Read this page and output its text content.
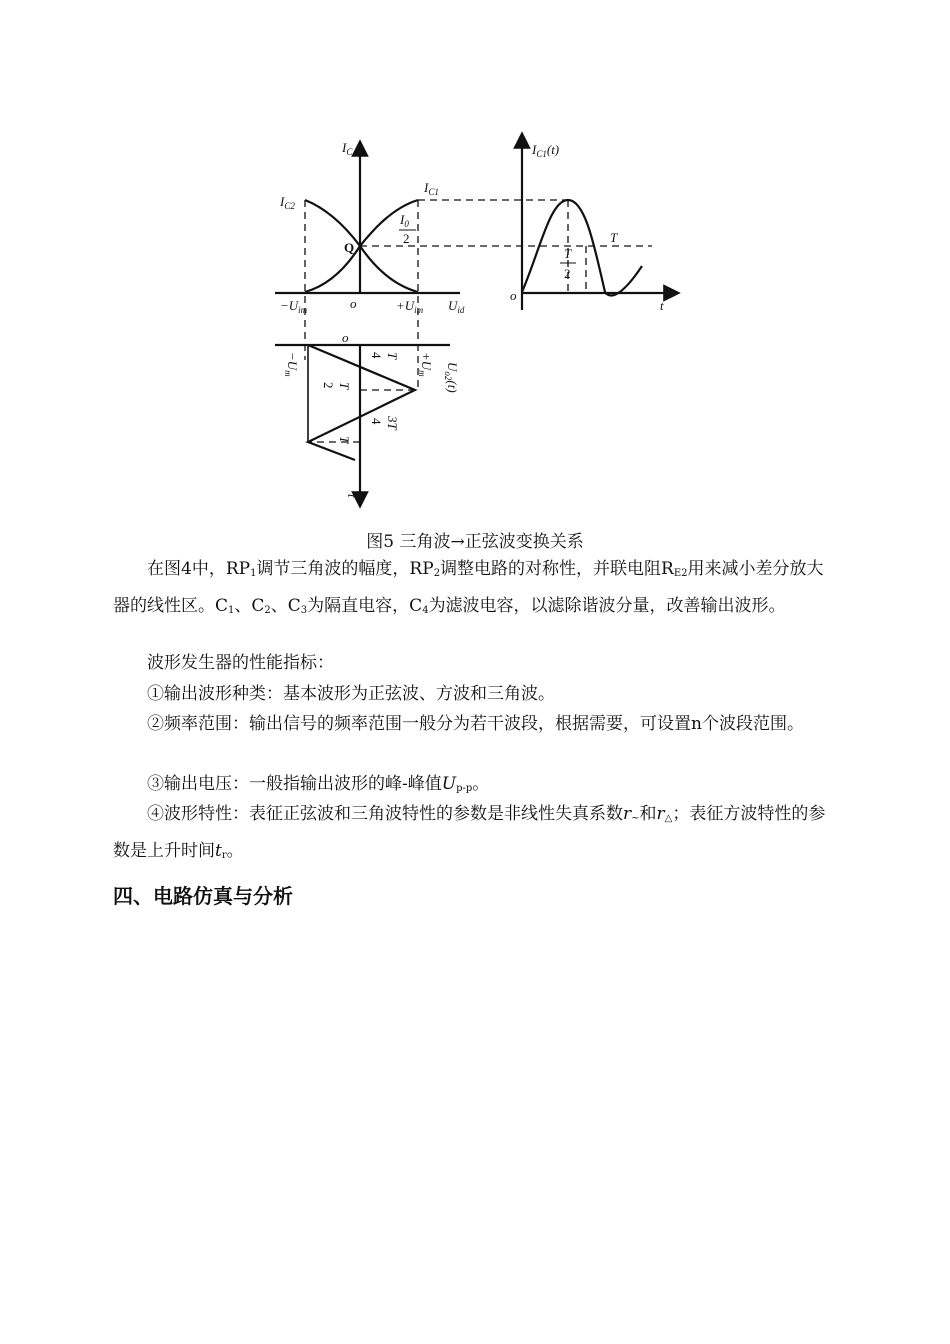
$I_C$
$I_{C2}$
$I_{C1}$
Q
$I_0$
2
$-U_{im}$	o	$+U_{im}$ $U_{id}$
$I_{C1}(t)$
o
t
T
2
T
o
$U_{o2}(t)$
$-U_m$
$+U_m$
T
4
T
2
3T
4
T
t
图5 三角波→正弦波变换关系
在图4中，$RP_1$调节三角波的幅度，$RP_2$调整电路的对称性，并联电阻$R_{E2}$用来减小差分放大器的线性区。$C_1$、$C_2$、$C_3$为隔直电容，$C_4$为滤波电容，以滤除谐波分量，改善输出波形。
波形发生器的性能指标：
①输出波形种类：基本波形为正弦波、方波和三角波。
②频率范围：输出信号的频率范围一般分为若干波段，根据需要，可设置n个波段范围。
③输出电压：一般指输出波形的峰-峰值$U_{p-p}$。
④波形特性：表征正弦波和三角波特性的参数是非线性失真系数$r_\sim$和$r_\triangle$；表征方波特性的参数是上升时间$t_r$。
四、电路仿真与分析
